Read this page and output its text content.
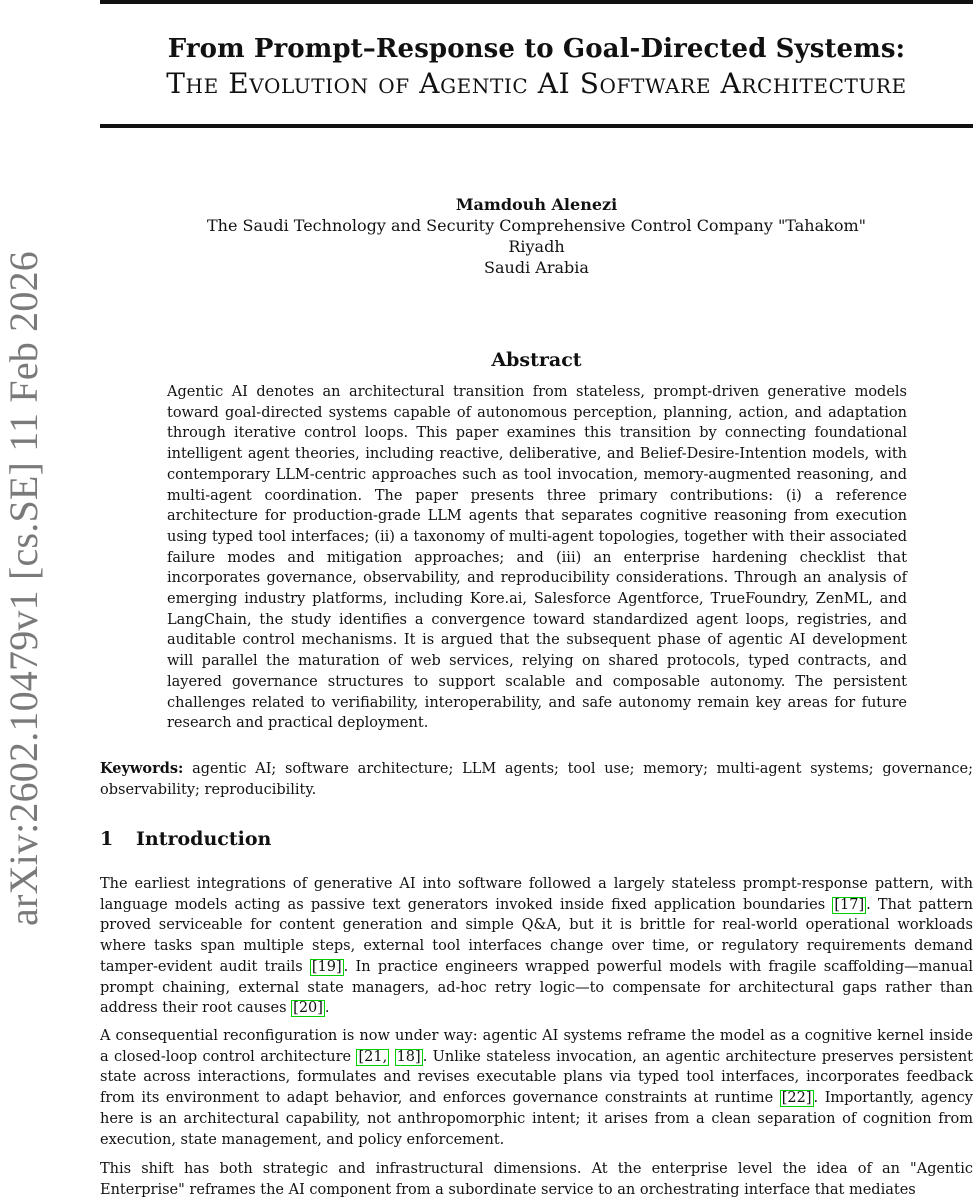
arXiv:2602.10479v1 [cs.SE] 11 Feb 2026
From Prompt–Response to Goal-Directed Systems:
The Evolution of Agentic AI Software Architecture
Mamdouh Alenezi
The Saudi Technology and Security Comprehensive Control Company "Tahakom"
Riyadh
Saudi Arabia
Abstract
Agentic AI denotes an architectural transition from stateless, prompt-driven generative models toward goal-directed systems capable of autonomous perception, planning, action, and adaptation through iterative control loops. This paper examines this transition by connecting foundational intelligent agent theories, including reactive, deliberative, and Belief-Desire-Intention models, with contemporary LLM-centric approaches such as tool invocation, memory-augmented reasoning, and multi-agent coordination. The paper presents three primary contributions: (i) a reference architecture for production-grade LLM agents that separates cognitive reasoning from execution using typed tool interfaces; (ii) a taxonomy of multi-agent topologies, together with their associated failure modes and mitigation approaches; and (iii) an enterprise hardening checklist that incorporates governance, observability, and reproducibility considerations. Through an analysis of emerging industry platforms, including Kore.ai, Salesforce Agentforce, TrueFoundry, ZenML, and LangChain, the study identifies a convergence toward standardized agent loops, registries, and auditable control mechanisms. It is argued that the subsequent phase of agentic AI development will parallel the maturation of web services, relying on shared protocols, typed contracts, and layered governance structures to support scalable and composable autonomy. The persistent challenges related to verifiability, interoperability, and safe autonomy remain key areas for future research and practical deployment.
Keywords: agentic AI; software architecture; LLM agents; tool use; memory; multi-agent systems; governance; observability; reproducibility.
1 Introduction
The earliest integrations of generative AI into software followed a largely stateless prompt-response pattern, with language models acting as passive text generators invoked inside fixed application boundaries [17] . That pattern proved serviceable for content generation and simple Q&A, but it is brittle for real-world operational workloads where tasks span multiple steps, external tool interfaces change over time, or regulatory requirements demand tamper-evident audit trails [19] . In practice engineers wrapped powerful models with fragile scaffolding—manual prompt chaining, external state managers, ad-hoc retry logic—to compensate for architectural gaps rather than address their root causes [20] .
A consequential reconfiguration is now under way: agentic AI systems reframe the model as a cognitive kernel inside a closed-loop control architecture [21, 18] . Unlike stateless invocation, an agentic architecture preserves persistent state across interactions, formulates and revises executable plans via typed tool interfaces, incorporates feedback from its environment to adapt behavior, and enforces governance constraints at runtime [22] . Importantly, agency here is an architectural capability, not anthropomorphic intent; it arises from a clean separation of cognition from execution, state management, and policy enforcement.
This shift has both strategic and infrastructural dimensions. At the enterprise level the idea of an "Agentic Enterprise" reframes the AI component from a subordinate service to an orchestrating interface that mediates
